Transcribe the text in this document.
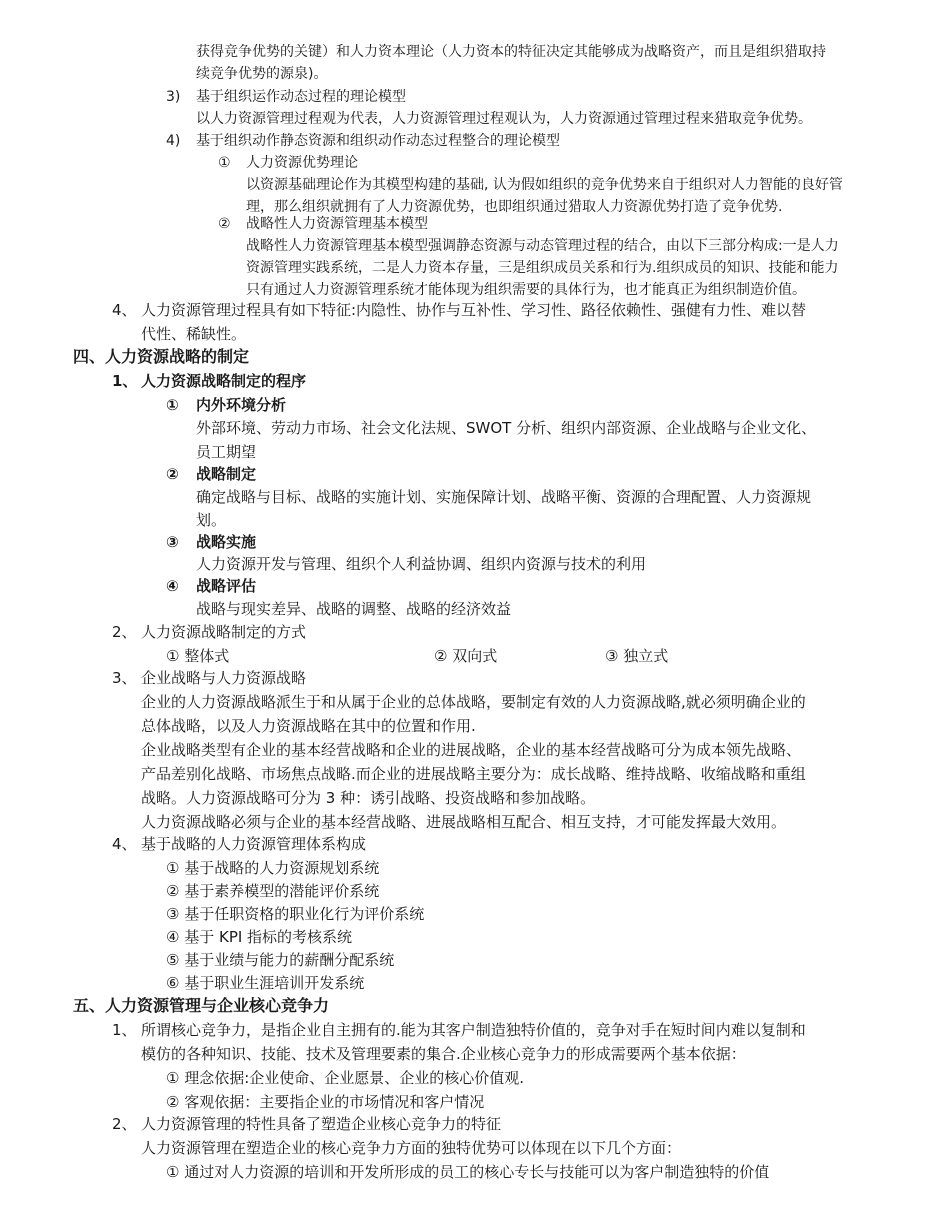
获得竞争优势的关键）和人力资本理论（人力资本的特征决定其能够成为战略资产，而且是组织猎取持
续竞争优势的源泉)。
3) 基于组织运作动态过程的理论模型
以人力资源管理过程观为代表，人力资源管理过程观认为，人力资源通过管理过程来猎取竞争优势。
4) 基于组织动作静态资源和组织动作动态过程整合的理论模型
① 人力资源优势理论
以资源基础理论作为其模型构建的基础, 认为假如组织的竞争优势来自于组织对人力智能的良好管
理，那么组织就拥有了人力资源优势，也即组织通过猎取人力资源优势打造了竞争优势.
② 战略性人力资源管理基本模型
战略性人力资源管理基本模型强调静态资源与动态管理过程的结合，由以下三部分构成:一是人力
资源管理实践系统，二是人力资本存量，三是组织成员关系和行为.组织成员的知识、技能和能力
只有通过人力资源管理系统才能体现为组织需要的具体行为，也才能真正为组织制造价值。
4、 人力资源管理过程具有如下特征:内隐性、协作与互补性、学习性、路径依赖性、强健有力性、难以替
代性、稀缺性。
四、人力资源战略的制定
1、 人力资源战略制定的程序
① 内外环境分析
外部环境、劳动力市场、社会文化法规、SWOT 分析、组织内部资源、企业战略与企业文化、
员工期望
② 战略制定
确定战略与目标、战略的实施计划、实施保障计划、战略平衡、资源的合理配置、人力资源规
划。
③ 战略实施
人力资源开发与管理、组织个人利益协调、组织内资源与技术的利用
④ 战略评估
战略与现实差异、战略的调整、战略的经济效益
2、 人力资源战略制定的方式
① 整体式	② 双向式	③ 独立式
3、 企业战略与人力资源战略
企业的人力资源战略派生于和从属于企业的总体战略，要制定有效的人力资源战略,就必须明确企业的
总体战略，以及人力资源战略在其中的位置和作用.
企业战略类型有企业的基本经营战略和企业的进展战略，企业的基本经营战略可分为成本领先战略、
产品差别化战略、市场焦点战略.而企业的进展战略主要分为：成长战略、维持战略、收缩战略和重组
战略。人力资源战略可分为 3 种：诱引战略、投资战略和参加战略。
人力资源战略必须与企业的基本经营战略、进展战略相互配合、相互支持，才可能发挥最大效用。
4、 基于战略的人力资源管理体系构成
① 基于战略的人力资源规划系统
② 基于素养模型的潜能评价系统
③ 基于任职资格的职业化行为评价系统
④ 基于 KPI 指标的考核系统
⑤ 基于业绩与能力的薪酬分配系统
⑥ 基于职业生涯培训开发系统
五、人力资源管理与企业核心竞争力
1、 所谓核心竞争力，是指企业自主拥有的.能为其客户制造独特价值的，竞争对手在短时间内难以复制和
模仿的各种知识、技能、技术及管理要素的集合.企业核心竞争力的形成需要两个基本依据：
① 理念依据:企业使命、企业愿景、企业的核心价值观.
② 客观依据：主要指企业的市场情况和客户情况
2、 人力资源管理的特性具备了塑造企业核心竞争力的特征
人力资源管理在塑造企业的核心竞争力方面的独特优势可以体现在以下几个方面：
① 通过对人力资源的培训和开发所形成的员工的核心专长与技能可以为客户制造独特的价值
